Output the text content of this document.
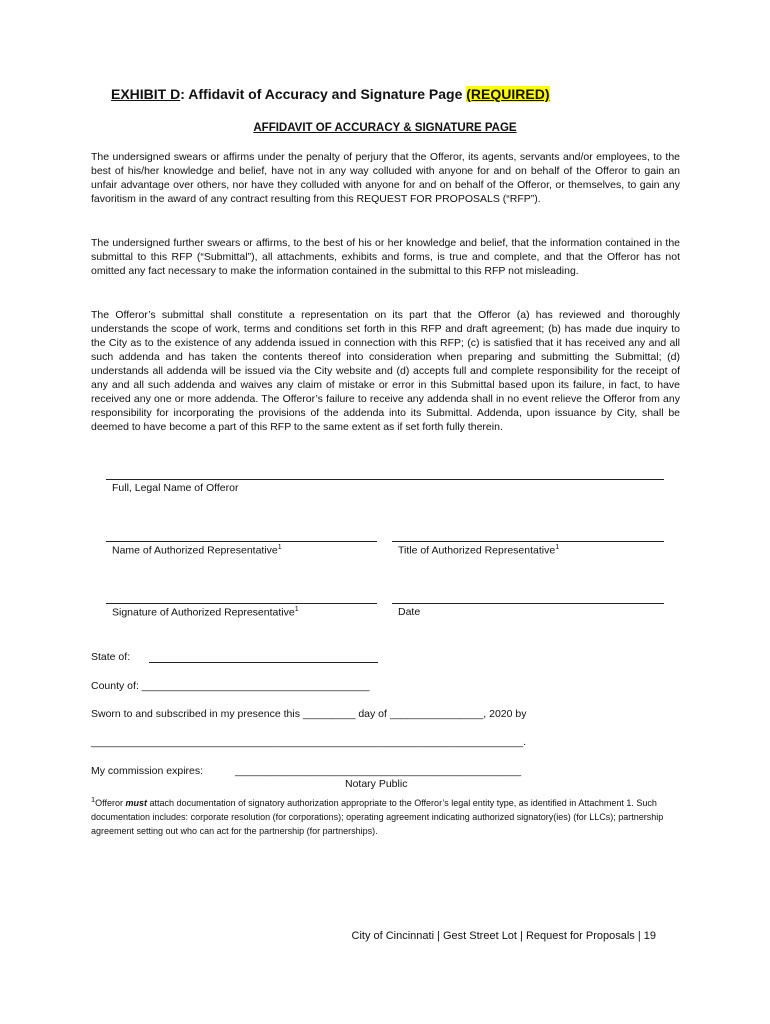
EXHIBIT D: Affidavit of Accuracy and Signature Page (REQUIRED)
AFFIDAVIT OF ACCURACY & SIGNATURE PAGE
The undersigned swears or affirms under the penalty of perjury that the Offeror, its agents, servants and/or employees, to the best of his/her knowledge and belief, have not in any way colluded with anyone for and on behalf of the Offeror to gain an unfair advantage over others, nor have they colluded with anyone for and on behalf of the Offeror, or themselves, to gain any favoritism in the award of any contract resulting from this REQUEST FOR PROPOSALS (“RFP”).
The undersigned further swears or affirms, to the best of his or her knowledge and belief, that the information contained in the submittal to this RFP (“Submittal”), all attachments, exhibits and forms, is true and complete, and that the Offeror has not omitted any fact necessary to make the information contained in the submittal to this RFP not misleading.
The Offeror’s submittal shall constitute a representation on its part that the Offeror (a) has reviewed and thoroughly understands the scope of work, terms and conditions set forth in this RFP and draft agreement; (b) has made due inquiry to the City as to the existence of any addenda issued in connection with this RFP; (c) is satisfied that it has received any and all such addenda and has taken the contents thereof into consideration when preparing and submitting the Submittal; (d) understands all addenda will be issued via the City website and (d) accepts full and complete responsibility for the receipt of any and all such addenda and waives any claim of mistake or error in this Submittal based upon its failure, in fact, to have received any one or more addenda. The Offeror’s failure to receive any addenda shall in no event relieve the Offeror from any responsibility for incorporating the provisions of the addenda into its Submittal. Addenda, upon issuance by City, shall be deemed to have become a part of this RFP to the same extent as if set forth fully therein.
Full, Legal Name of Offeror
Name of Authorized Representative$^1$	Title of Authorized Representative$^1$
Signature of Authorized Representative$^1$	Date
State of:
County of: _______________________________________
Sworn to and subscribed in my presence this _________ day of ________________, 2020 by
__________________________________________________________________________.
My commission expires:	_________________________________________________
Notary Public
$^1$Offeror must attach documentation of signatory authorization appropriate to the Offeror’s legal entity type, as identified in Attachment 1. Such documentation includes: corporate resolution (for corporations); operating agreement indicating authorized signatory(ies) (for LLCs); partnership agreement setting out who can act for the partnership (for partnerships).
City of Cincinnati | Gest Street Lot | Request for Proposals | 19
